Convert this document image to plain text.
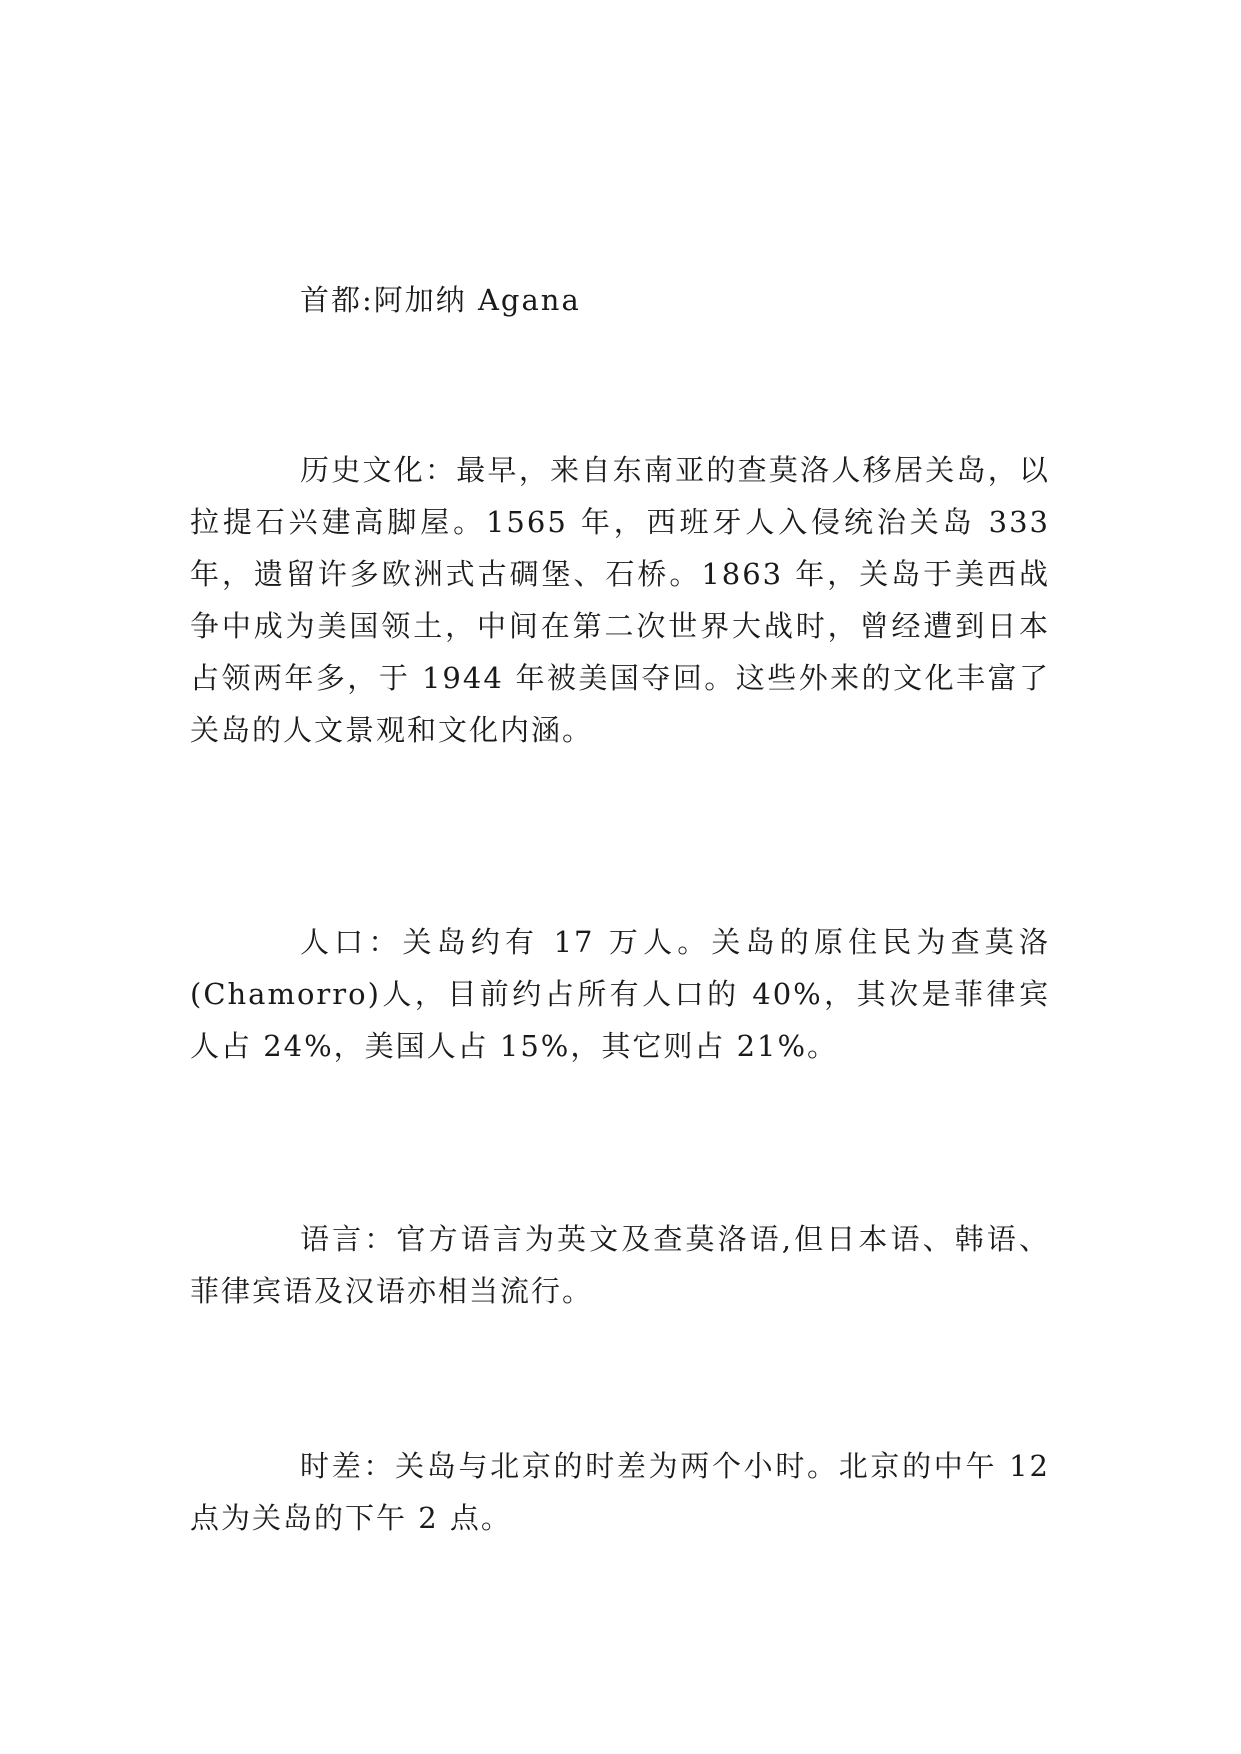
首都:阿加纳 Agana

历史文化：最早，来自东南亚的查莫洛人移居关岛，以拉提石兴建高脚屋。1565 年，西班牙人入侵统治关岛 333 年，遗留许多欧洲式古碉堡、石桥。1863 年，关岛于美西战争中成为美国领土，中间在第二次世界大战时，曾经遭到日本占领两年多，于 1944 年被美国夺回。这些外来的文化丰富了关岛的人文景观和文化内涵。

人口：关岛约有 17 万人。关岛的原住民为查莫洛(Chamorro)人，目前约占所有人口的 40%，其次是菲律宾人占 24%，美国人占 15%，其它则占 21%。

语言：官方语言为英文及查莫洛语,但日本语、韩语、菲律宾语及汉语亦相当流行。

时差：关岛与北京的时差为两个小时。北京的中午 12 点为关岛的下午 2 点。
